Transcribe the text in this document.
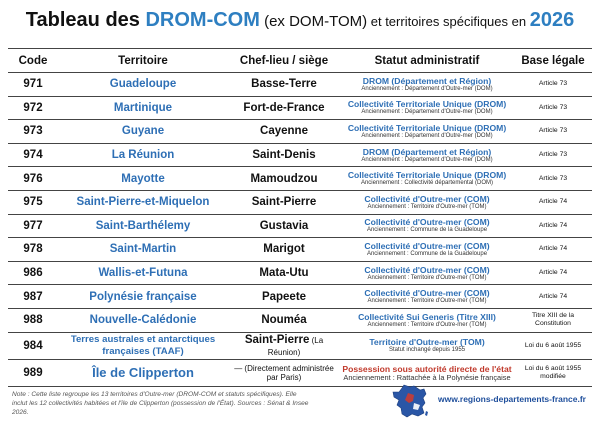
Tableau des DROM-COM (ex DOM-TOM) et territoires spécifiques en 2026
Code	Territoire	Chef-lieu / siège	Statut administratif	Base légale
971	Guadeloupe	Basse-Terre	DROM (Département et Région)
Anciennement : Département d'Outre-mer (DOM)	Article 73
972	Martinique	Fort-de-France	Collectivité Territoriale Unique (DROM)
Anciennement : Département d'Outre-mer (DOM)	Article 73
973	Guyane	Cayenne	Collectivité Territoriale Unique (DROM)
Anciennement : Département d'Outre-mer (DOM)	Article 73
974	La Réunion	Saint-Denis	DROM (Département et Région)
Anciennement : Département d'Outre-mer (DOM)	Article 73
976	Mayotte	Mamoudzou	Collectivité Territoriale Unique (DROM)
Anciennement : Collectivité départemental (DOM)	Article 73
975	Saint-Pierre-et-Miquelon	Saint-Pierre	Collectivité d'Outre-mer (COM)
Anciennement : Territoire d'Outre-mer (TOM)	Article 74
977	Saint-Barthélemy	Gustavia	Collectivité d'Outre-mer (COM)
Anciennement : Commune de la Guadeloupe	Article 74
978	Saint-Martin	Marigot	Collectivité d'Outre-mer (COM)
Anciennement : Commune de la Guadeloupe	Article 74
986	Wallis-et-Futuna	Mata-Utu	Collectivité d'Outre-mer (COM)
Anciennement : Territoire d'Outre-mer (TOM)	Article 74
987	Polynésie française	Papeete	Collectivité d'Outre-mer (COM)
Anciennement : Territoire d'Outre-mer (TOM)	Article 74
988	Nouvelle-Calédonie	Nouméa	Collectivité Sui Generis (Titre XIII)
Anciennement : Territoire d'Outre-mer (TOM)	Titre XIII de la Constitution
984	Terres australes et antarctiques françaises (TAAF)	Saint-Pierre (La Réunion)	Territoire d'Outre-mer (TOM)
Statut inchangé depuis 1955	Loi du 6 août 1955
989	Île de Clipperton	— (Directement administrée par Paris)	Possession sous autorité directe de l'état
Anciennement : Rattachée à la Polynésie française	Loi du 6 août 1955 modifiée
Note : Cette liste regroupe les 13 territoires d'Outre-mer (DROM-COM et statuts spécifiques). Elle inclut les 12 collectivités habitées et l'île de Clipperton (possession de l'État). Sources : Sénat & Insee 2026.
www.regions-departements-france.fr
